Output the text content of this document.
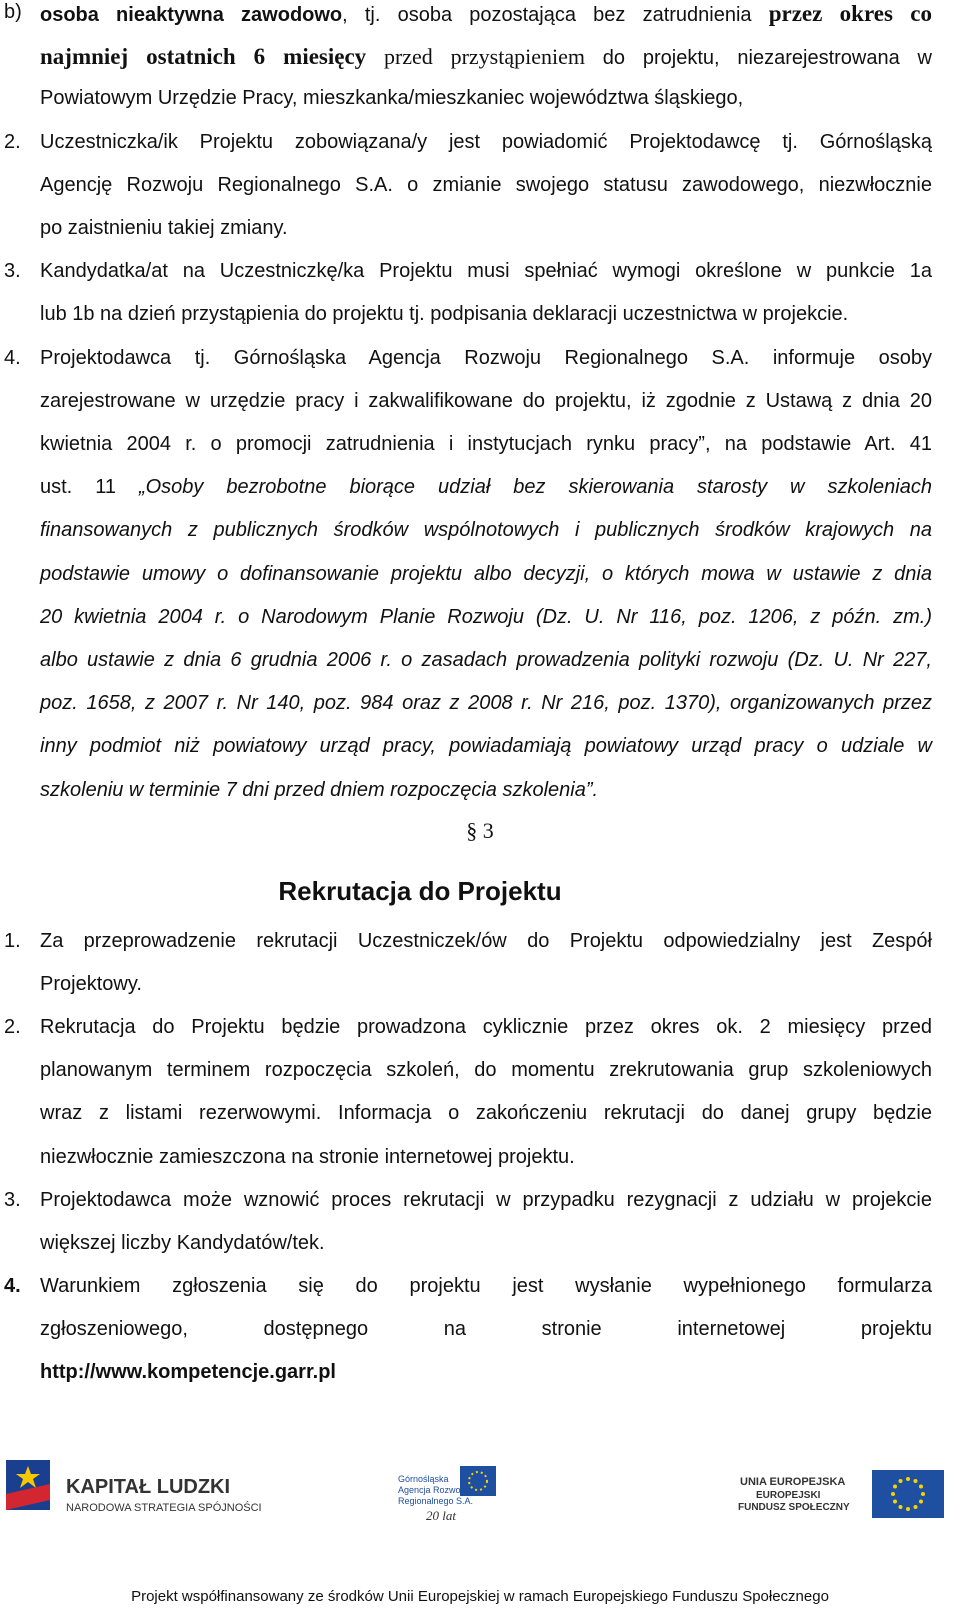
b) osoba nieaktywna zawodowo, tj. osoba pozostająca bez zatrudnienia przez okres co
najmniej ostatnich 6 miesięcy przed przystąpieniem do projektu, niezarejestrowana w
Powiatowym Urzędzie Pracy, mieszkanka/mieszkaniec województwa śląskiego,
2. Uczestniczka/ik Projektu zobowiązana/y jest powiadomić Projektodawcę tj. Górnośląską
Agencję Rozwoju Regionalnego S.A. o zmianie swojego statusu zawodowego, niezwłocznie
po zaistnieniu takiej zmiany.
3. Kandydatka/at na Uczestniczkę/ka Projektu musi spełniać wymogi określone w punkcie 1a
lub 1b na dzień przystąpienia do projektu tj. podpisania deklaracji uczestnictwa w projekcie.
4. Projektodawca tj. Górnośląska Agencja Rozwoju Regionalnego S.A. informuje osoby
zarejestrowane w urzędzie pracy i zakwalifikowane do projektu, iż zgodnie z Ustawą z dnia 20
kwietnia 2004 r. o promocji zatrudnienia i instytucjach rynku pracy”, na podstawie Art. 41
ust. 11 „Osoby bezrobotne biorące udział bez skierowania starosty w szkoleniach
finansowanych z publicznych środków wspólnotowych i publicznych środków krajowych na
podstawie umowy o dofinansowanie projektu albo decyzji, o których mowa w ustawie z dnia
20 kwietnia 2004 r. o Narodowym Planie Rozwoju (Dz. U. Nr 116, poz. 1206, z późn. zm.)
albo ustawie z dnia 6 grudnia 2006 r. o zasadach prowadzenia polityki rozwoju (Dz. U. Nr 227,
poz. 1658, z 2007 r. Nr 140, poz. 984 oraz z 2008 r. Nr 216, poz. 1370), organizowanych przez
inny podmiot niż powiatowy urząd pracy, powiadamiają powiatowy urząd pracy o udziale w
szkoleniu w terminie 7 dni przed dniem rozpoczęcia szkolenia”.
1. Za przeprowadzenie rekrutacji Uczestniczek/ów do Projektu odpowiedzialny jest Zespół
Projektowy.
2. Rekrutacja do Projektu będzie prowadzona cyklicznie przez okres ok. 2 miesięcy przed
planowanym terminem rozpoczęcia szkoleń, do momentu zrekrutowania grup szkoleniowych
wraz z listami rezerwowymi. Informacja o zakończeniu rekrutacji do danej grupy będzie
niezwłocznie zamieszczona na stronie internetowej projektu.
3. Projektodawca może wznowić proces rekrutacji w przypadku rezygnacji z udziału w projekcie
większej liczby Kandydatów/tek.
4. Warunkiem zgłoszenia się do projektu jest wysłanie wypełnionego formularza
zgłoszeniowego, dostępnego na stronie internetowej projektu
http://www.kompetencje.garr.pl
§ 3
Rekrutacja do Projektu
KAPITAŁ LUDZKI
NARODOWA STRATEGIA SPÓJNOŚCI
Górnośląska
Agencja Rozwoju
Regionalnego S.A.
20 lat
UNIA EUROPEJSKA
EUROPEJSKI
FUNDUSZ SPOŁECZNY
Projekt współfinansowany ze środków Unii Europejskiej w ramach Europejskiego Funduszu Społecznego
